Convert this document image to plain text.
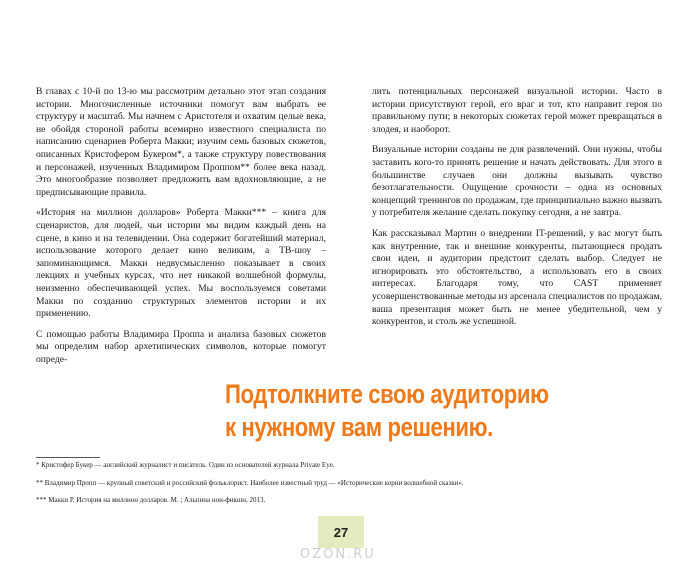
В главах с 10-й по 13-ю мы рассмотрим детально этот этап создания истории. Многочисленные источники помогут вам выбрать ее структуру и масштаб. Мы начнем с Аристотеля и охватим целые века, не обойдя стороной работы всемирно известного специалиста по написанию сценариев Роберта Макки; изучим семь базовых сюжетов, описанных Кристофером Букером*, а также структуру повествования и персонажей, изученных Владимиром Проппом** более века назад. Это многообразие позволяет предложить вам вдохновляющие, а не предписывающие правила.

«История на миллион долларов» Роберта Макки*** – книга для сценаристов, для людей, чьи истории мы видим каждый день на сцене, в кино и на телевидении. Она содержит богатейший материал, использование которого делает кино великим, а ТВ-шоу – запоминающимся. Макки недвусмысленно показывает в своих лекциях и учебных курсах, что нет никакой волшебной формулы, неизменно обеспечивающей успех. Мы воспользуемся советами Макки по созданию структурных элементов истории и их применению.

С помощью работы Владимира Проппа и анализа базовых сюжетов мы определим набор архетипических символов, которые помогут опреде-

лить потенциальных персонажей визуальной истории. Часто в истории присутствуют герой, его враг и тот, кто направит героя по правильному пути; в некоторых сюжетах герой может превращаться в злодея, и наоборот.

Визуальные истории созданы не для развлечений. Они нужны, чтобы заставить кого-то принять решение и начать действовать. Для этого в большинстве случаев они должны вызывать чувство безотлагательности. Ощущение срочности – одна из основных концепций тренингов по продажам, где принципиально важно вызвать у потребителя желание сделать покупку сегодня, а не завтра.

Как рассказывал Мартин о внедрении IT-решений, у вас могут быть как внутренние, так и внешние конкуренты, пытающиеся продать свои идеи, и аудитории предстоит сделать выбор. Следует не игнорировать это обстоятельство, а использовать его в своих интересах. Благодаря тому, что CAST применяет усовершенствованные методы из арсенала специалистов по продажам, ваша презентация может быть не менее убедительной, чем у конкурентов, и столь же успешной.

Подтолкните свою аудиторию
к нужному вам решению.

* Кристофер Букер — английский журналист и писатель. Один из основателей журнала Private Eye.

** Владимир Пропп — крупный советский и российский фольклорист. Наиболее известный труд — «Исторические корни волшебной сказки».

*** Макки Р. История на миллион долларов. М. ; Альпина нон-фикшн, 2013.

27
OZON.RU
